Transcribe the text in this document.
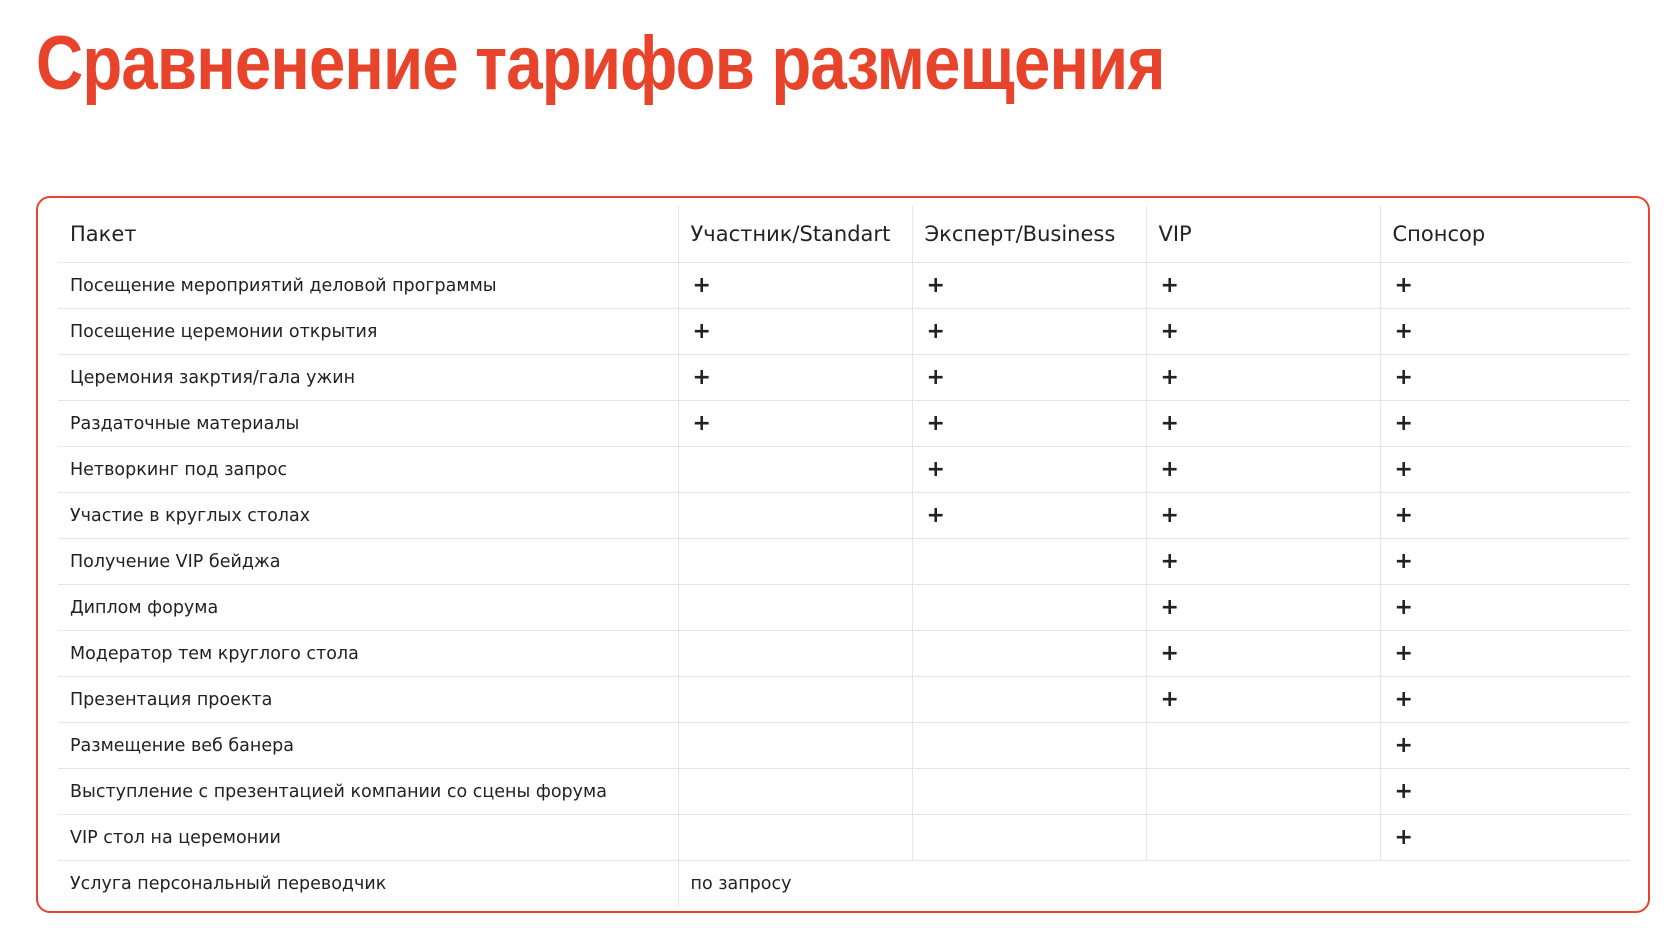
Сравненение тарифов размещения
Пакет	Участник/Standart	Эксперт/Business	VIP	Спонсор
Посещение мероприятий деловой программы	+	+	+	+
Посещение церемонии открытия	+	+	+	+
Церемония закртия/гала ужин	+	+	+	+
Раздаточные материалы	+	+	+	+
Нетворкинг под запрос		+	+	+
Участие в круглых столах		+	+	+
Получение VIP бейджа			+	+
Диплом форума			+	+
Модератор тем круглого стола			+	+
Презентация проекта			+	+
Размещение веб банера				+
Выступление с презентацией компании со сцены форума				+
VIP стол на церемонии				+
Услуга персональный переводчик	по запросу			
